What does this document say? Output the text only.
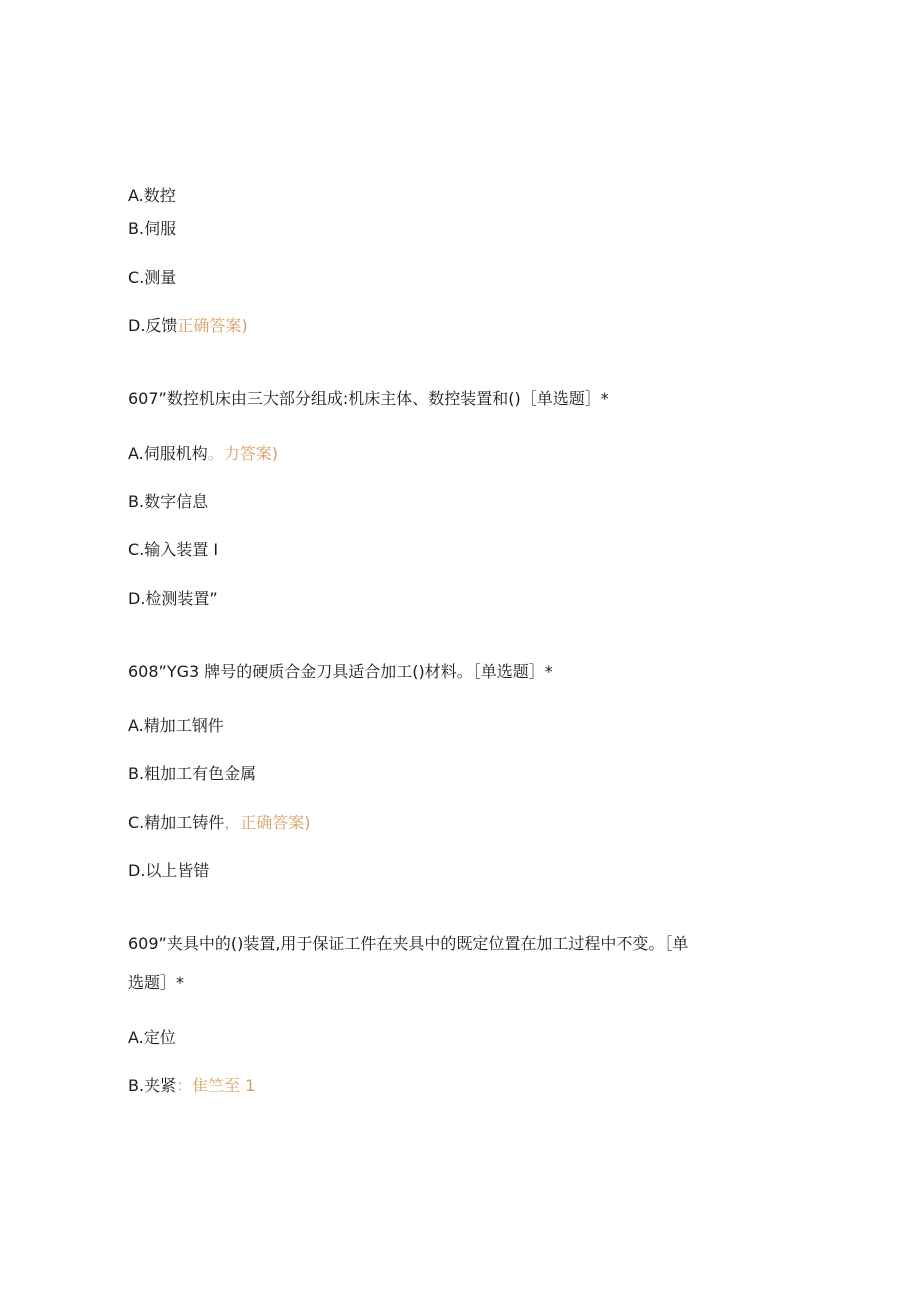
A.数控
B.伺服
C.测量
D.反馈正确答案)
607”数控机床由三大部分组成:机床主体、数控装置和()［单选题］*
A.伺服机构。力答案)
B.数字信息
C.输入装置 I
D.检测装置”
608”YG3 牌号的硬质合金刀具适合加工()材料。［单选题］*
A.精加工钢件
B.粗加工有色金属
C.精加工铸件，正确答案)
D.以上皆错
609”夹具中的()装置,用于保证工件在夹具中的既定位置在加工过程中不变。［单
选题］*
A.定位
B.夹紧：隹竺至 1
